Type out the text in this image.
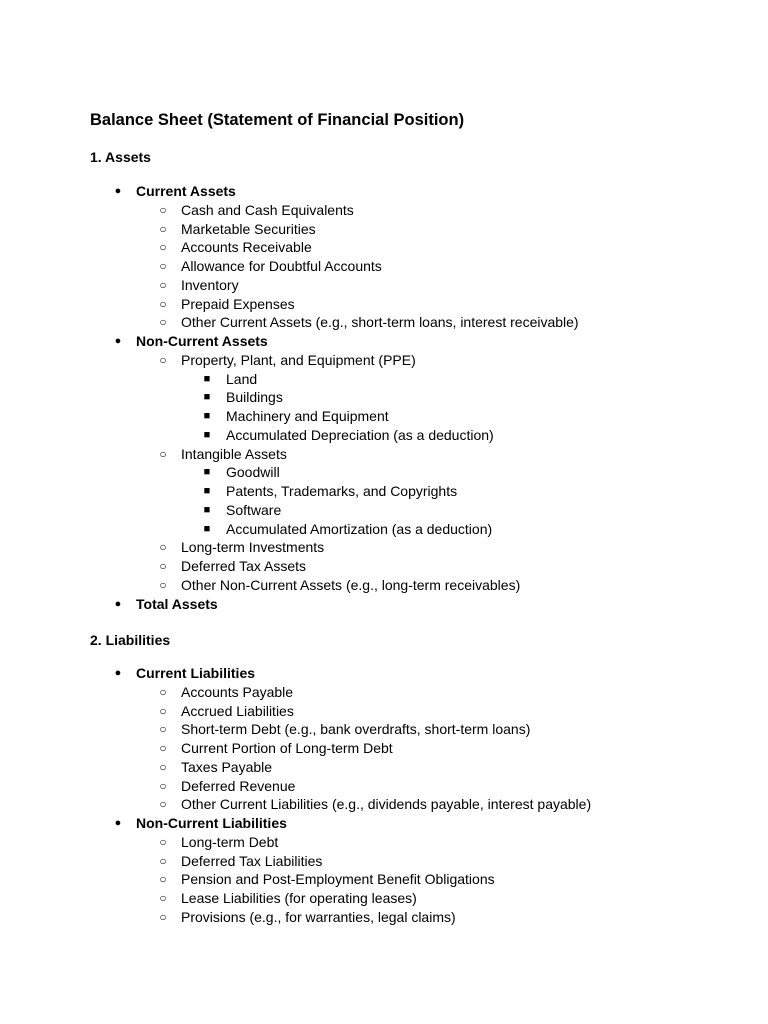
Balance Sheet (Statement of Financial Position)
1. Assets
●	Current Assets
○	Cash and Cash Equivalents
○	Marketable Securities
○	Accounts Receivable
○	Allowance for Doubtful Accounts
○	Inventory
○	Prepaid Expenses
○	Other Current Assets (e.g., short-term loans, interest receivable)
●	Non-Current Assets
○	Property, Plant, and Equipment (PPE)
■	Land
■	Buildings
■	Machinery and Equipment
■	Accumulated Depreciation (as a deduction)
○	Intangible Assets
■	Goodwill
■	Patents, Trademarks, and Copyrights
■	Software
■	Accumulated Amortization (as a deduction)
○	Long-term Investments
○	Deferred Tax Assets
○	Other Non-Current Assets (e.g., long-term receivables)
●	Total Assets
2. Liabilities
●	Current Liabilities
○	Accounts Payable
○	Accrued Liabilities
○	Short-term Debt (e.g., bank overdrafts, short-term loans)
○	Current Portion of Long-term Debt
○	Taxes Payable
○	Deferred Revenue
○	Other Current Liabilities (e.g., dividends payable, interest payable)
●	Non-Current Liabilities
○	Long-term Debt
○	Deferred Tax Liabilities
○	Pension and Post-Employment Benefit Obligations
○	Lease Liabilities (for operating leases)
○	Provisions (e.g., for warranties, legal claims)
